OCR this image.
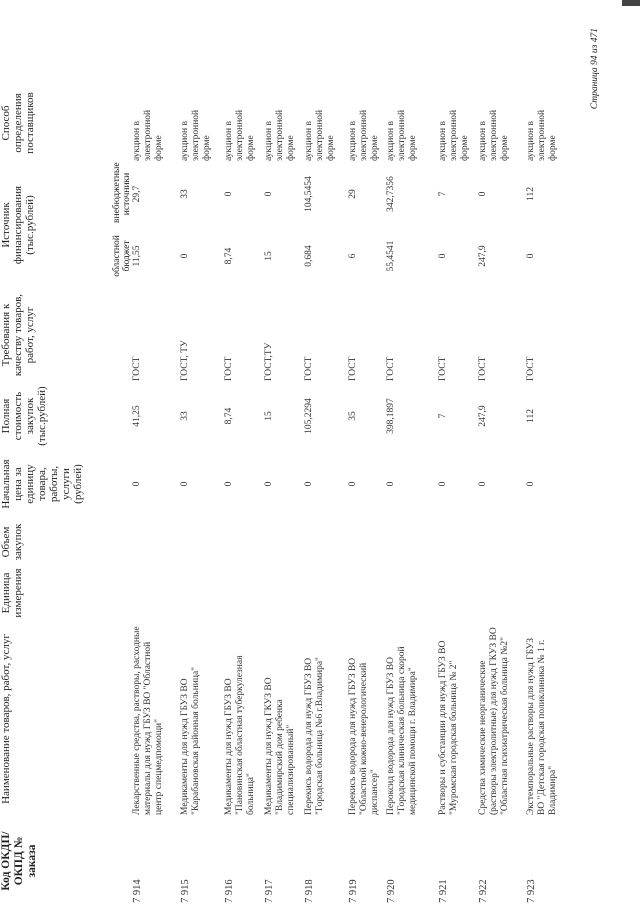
Код ОКДП/ ОКПД № заказа	Наименование товаров, работ, услуг	Единица измерения	Объем закупок	Начальная цена за единицу товара, работы, услуги (рублей)	Полная стоимость закупок (тыс.рублей)	Требования к качеству товаров, работ, услуг	Источник финансирования (тыс.рублей)		Способ определения поставщиков	
							областной бюджет	внебюджетные источники		
7 914	Лекарственные средства, растворы, расходные материалы для нужд ГБУЗ ВО "Областной центр спецмедпомощи"			0	41,25	ГОСТ	11,55	29,7	аукцион в электронной форме	
7 915	Медикаменты для нужд ГБУЗ ВО "Карабановская районная больница"			0	33	ГОСТ, ТУ	0	33	аукцион в электронной форме	
7 916	Медикаменты для нужд ГБУЗ ВО "Пановинская областная туберкулезная больница"			0	8,74	ГОСТ	8,74	0	аукцион в электронной форме	
7 917	Медикаменты для нужд ГКУЗ ВО "Владимирский дом ребенка специализированный"			0	15	ГОСТ,ТУ	15	0	аукцион в электронной форме	
7 918	Перекись водорода для нужд ГБУЗ ВО "Городская больница №6 г.Владимира"			0	105,2294	ГОСТ	0,684	104,5454	аукцион в электронной форме	
7 919	Перекись водорода для нужд ГБУЗ ВО "Областной кожно-венерологический диспансер"			0	35	ГОСТ	6	29	аукцион в электронной форме	
7 920	Пероксид водорода для нужд ГБУЗ ВО "Городская клиническая больница скорой медицинской помощи г. Владимира"			0	398,1897	ГОСТ	55,4541	342,7356	аукцион в электронной форме	
7 921	Растворы и субстанции для нужд ГБУЗ ВО "Муромская городская больница № 2"			0	7	ГОСТ	0	7	аукцион в электронной форме	
7 922	Средства химические неорганические (растворы электролитные) для нужд ГКУЗ ВО "Областная психиатрическая больница №2"			0	247,9	ГОСТ	247,9	0	аукцион в электронной форме	
7 923	Экстемпоральные растворы для нужд ГБУЗ ВО "Детская городская поликлиника № 1 г. Владимира"			0	112	ГОСТ	0	112	аукцион в электронной форме	
Страница 94 из 471
